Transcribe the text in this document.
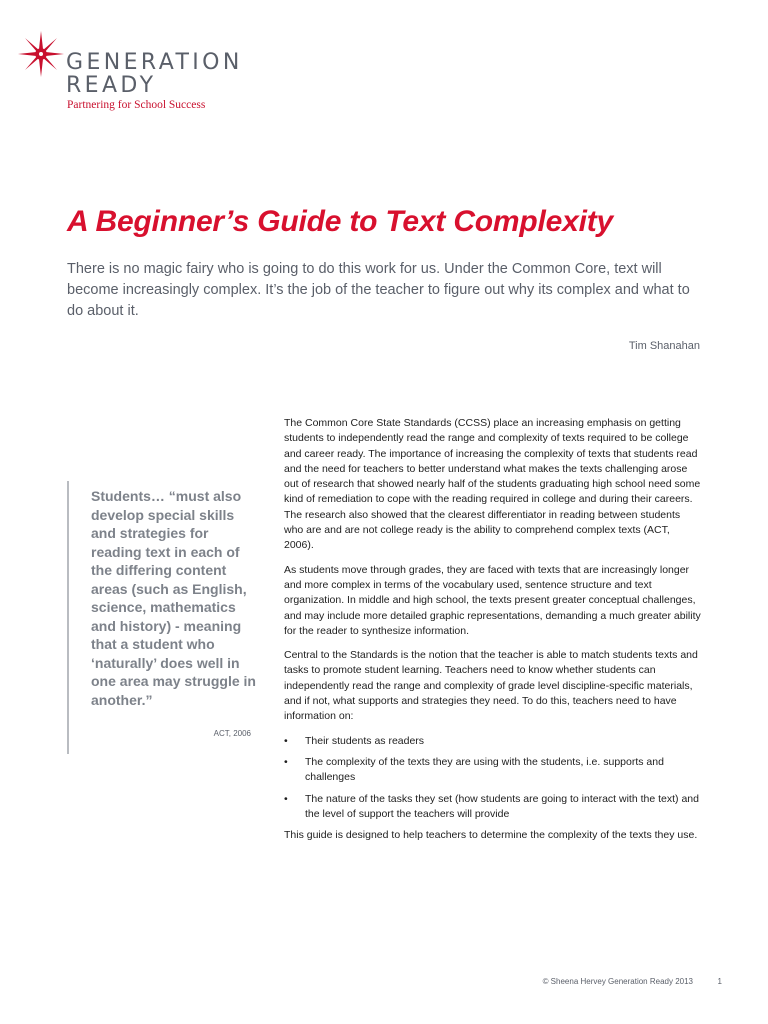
GENERATION
READY
Partnering for School Success
A Beginner’s Guide to Text Complexity

There is no magic fairy who is going to do this work for us. Under the Common Core, text will become increasingly complex. It’s the job of the teacher to figure out why its complex and what to do about it.

Tim Shanahan
Students… “must also develop special skills and strategies for reading text in each of the differing content areas (such as English, science, mathematics and history) - meaning that a student who ‘naturally’ does well in one area may struggle in another.”
ACT, 2006

The Common Core State Standards (CCSS) place an increasing emphasis on getting students to independently read the range and complexity of texts required to be college and career ready. The importance of increasing the complexity of texts that students read and the need for teachers to better understand what makes the texts challenging arose out of research that showed nearly half of the students graduating high school need some kind of remediation to cope with the reading required in college and during their careers. The research also showed that the clearest differentiator in reading between students who are and are not college ready is the ability to comprehend complex texts (ACT, 2006).

As students move through grades, they are faced with texts that are increasingly longer and more complex in terms of the vocabulary used, sentence structure and text organization. In middle and high school, the texts present greater conceptual challenges, and may include more detailed graphic representations, demanding a much greater ability for the reader to synthesize information.

Central to the Standards is the notion that the teacher is able to match students texts and tasks to promote student learning. Teachers need to know whether students can independently read the range and complexity of grade level discipline-specific materials, and if not, what supports and strategies they need. To do this, teachers need to have information on:

• Their students as readers
• The complexity of the texts they are using with the students, i.e. supports and challenges
• The nature of the tasks they set (how students are going to interact with the text) and the level of support the teachers will provide

This guide is designed to help teachers to determine the complexity of the texts they use.

© Sheena Hervey Generation Ready 2013	1
